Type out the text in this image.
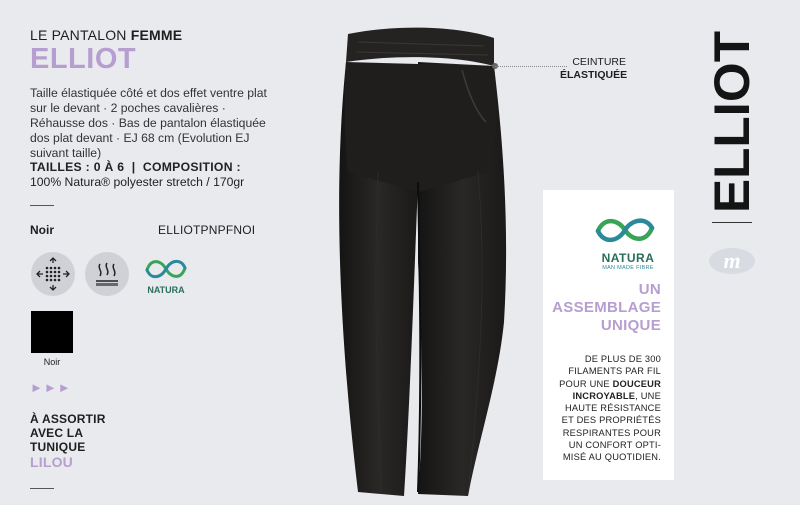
LE PANTALON FEMME
ELLIOT
Taille élastiquée côté et dos effet ventre plat sur le devant · 2 poches cavalières · Réhausse dos · Bas de pantalon élastiquée dos plat devant · EJ 68 cm (Evolution EJ suivant taille)
TAILLES : 0 À 6 | COMPOSITION :
100% Natura® polyester stretch / 170gr
Noir	ELLIOTPNPFNOI
NATURA
Noir
►►►
À ASSORTIR
AVEC LA
TUNIQUE
LILOU
CEINTURE
ÉLASTIQUÉE
NATURA
MAN MADE FIBRE
UN
ASSEMBLAGE
UNIQUE
DE PLUS DE 300 FILAMENTS PAR FIL POUR UNE DOUCEUR INCROYABLE, UNE HAUTE RÉSISTANCE ET DES PROPRIÉTÉS RESPIRANTES POUR UN CONFORT OPTI-MISÉ AU QUOTIDIEN.
ELLIOT
m
